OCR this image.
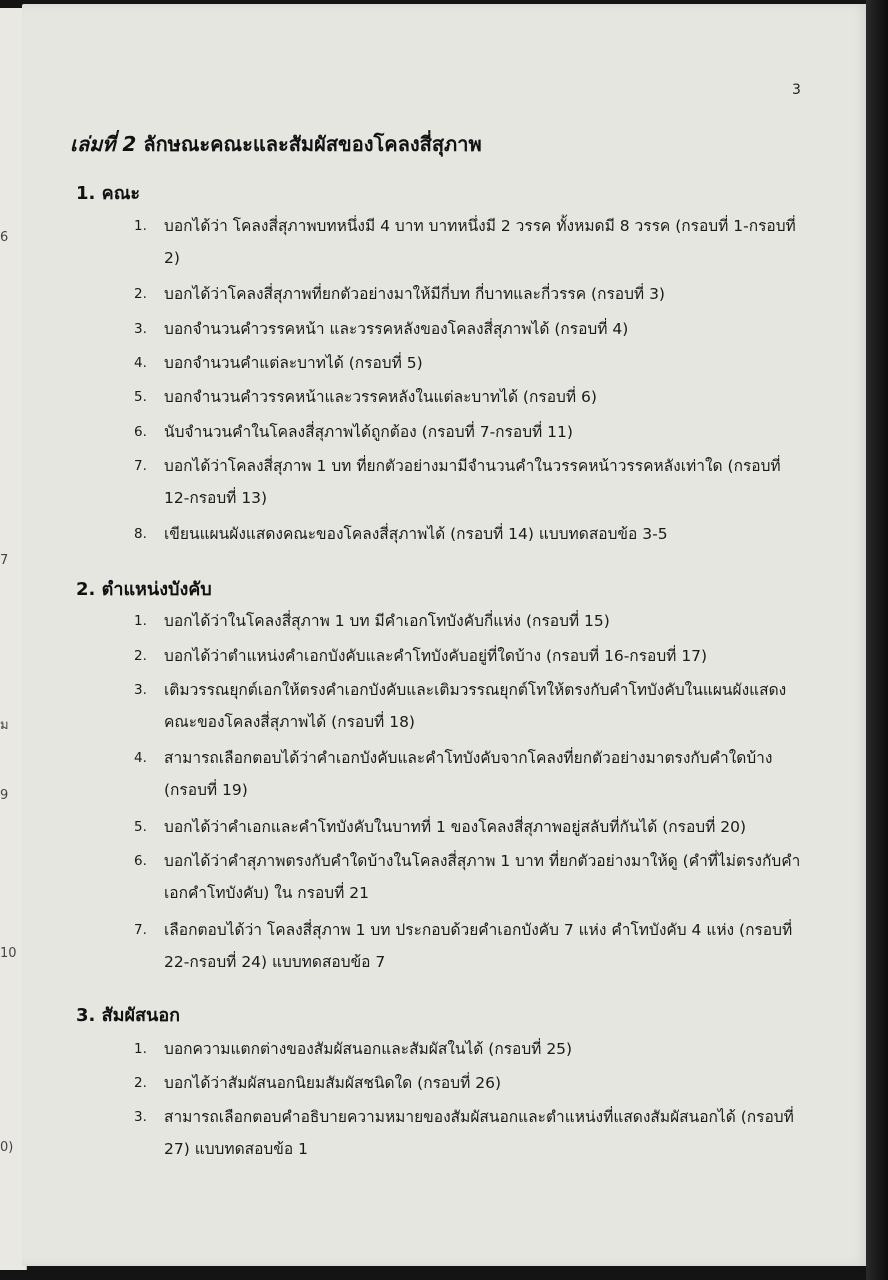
6
7
ม
9
10
0)
3
เล่มที่ 2 ลักษณะคณะและสัมผัสของโคลงสี่สุภาพ
1. คณะ
1.	บอกได้ว่า โคลงสี่สุภาพบทหนึ่งมี 4 บาท บาทหนึ่งมี 2 วรรค ทั้งหมดมี 8 วรรค (กรอบที่ 1-กรอบที่ 2)
2.	บอกได้ว่าโคลงสี่สุภาพที่ยกตัวอย่างมาให้มีกี่บท กี่บาทและกี่วรรค (กรอบที่ 3)
3.	บอกจำนวนคำวรรคหน้า และวรรคหลังของโคลงสี่สุภาพได้ (กรอบที่ 4)
4.	บอกจำนวนคำแต่ละบาทได้ (กรอบที่ 5)
5.	บอกจำนวนคำวรรคหน้าและวรรคหลังในแต่ละบาทได้ (กรอบที่ 6)
6.	นับจำนวนคำในโคลงสี่สุภาพได้ถูกต้อง (กรอบที่ 7-กรอบที่ 11)
7.	บอกได้ว่าโคลงสี่สุภาพ 1 บท ที่ยกตัวอย่างมามีจำนวนคำในวรรคหน้าวรรคหลังเท่าใด (กรอบที่ 12-กรอบที่ 13)
8.	เขียนแผนผังแสดงคณะของโคลงสี่สุภาพได้ (กรอบที่ 14) แบบทดสอบข้อ 3-5
2. ตำแหน่งบังคับ
1.	บอกได้ว่าในโคลงสี่สุภาพ 1 บท มีคำเอกโทบังคับกี่แห่ง (กรอบที่ 15)
2.	บอกได้ว่าตำแหน่งคำเอกบังคับและคำโทบังคับอยู่ที่ใดบ้าง (กรอบที่ 16-กรอบที่ 17)
3.	เติมวรรณยุกต์เอกให้ตรงคำเอกบังคับและเติมวรรณยุกต์โทให้ตรงกับคำโทบังคับในแผนผังแสดงคณะของโคลงสี่สุภาพได้ (กรอบที่ 18)
4.	สามารถเลือกตอบได้ว่าคำเอกบังคับและคำโทบังคับจากโคลงที่ยกตัวอย่างมาตรงกับคำใดบ้าง (กรอบที่ 19)
5.	บอกได้ว่าคำเอกและคำโทบังคับในบาทที่ 1 ของโคลงสี่สุภาพอยู่สลับที่กันได้ (กรอบที่ 20)
6.	บอกได้ว่าคำสุภาพตรงกับคำใดบ้างในโคลงสี่สุภาพ 1 บาท ที่ยกตัวอย่างมาให้ดู (คำที่ไม่ตรงกับคำเอกคำโทบังคับ) ใน กรอบที่ 21
7.	เลือกตอบได้ว่า โคลงสี่สุภาพ 1 บท ประกอบด้วยคำเอกบังคับ 7 แห่ง คำโทบังคับ 4 แห่ง (กรอบที่ 22-กรอบที่ 24) แบบทดสอบข้อ 7
3. สัมผัสนอก
1.	บอกความแตกต่างของสัมผัสนอกและสัมผัสในได้ (กรอบที่ 25)
2.	บอกได้ว่าสัมผัสนอกนิยมสัมผัสชนิดใด (กรอบที่ 26)
3.	สามารถเลือกตอบคำอธิบายความหมายของสัมผัสนอกและตำแหน่งที่แสดงสัมผัสนอกได้ (กรอบที่ 27) แบบทดสอบข้อ 1
